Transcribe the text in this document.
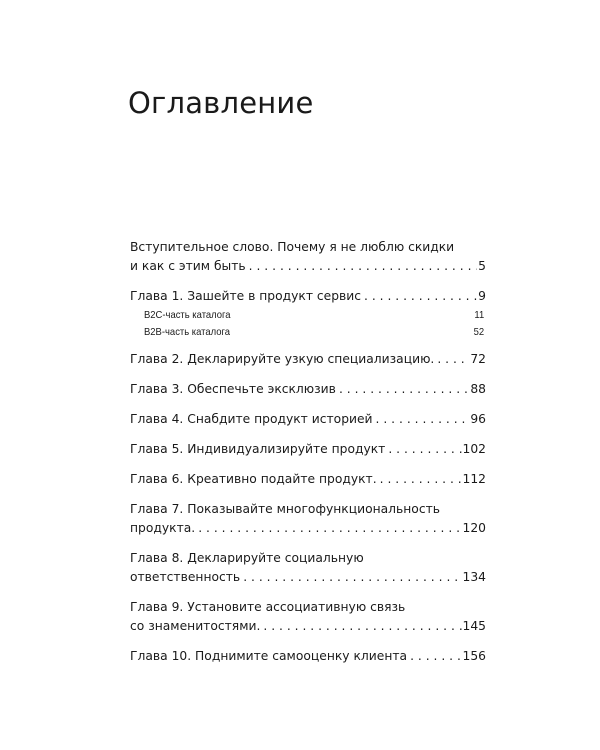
Оглавление
Вступительное слово. Почему я не люблю скидки
и как с этим быть . . .	5
Глава 1. Зашейте в продукт сервис . . .	9
B2C-часть каталога	11
B2B-часть каталога	52
Глава 2. Декларируйте узкую специализацию. . . .	72
Глава 3. Обеспечьте эксклюзив . . .	88
Глава 4. Снабдите продукт историей . . .	96
Глава 5. Индивидуализируйте продукт . . .	102
Глава 6. Креативно подайте продукт. . . .	112
Глава 7. Показывайте многофункциональность
продукта. . . .	120
Глава 8. Декларируйте социальную
ответственность . . .	134
Глава 9. Установите ассоциативную связь
со знаменитостями. . . .	145
Глава 10. Поднимите самооценку клиента . . .	156
